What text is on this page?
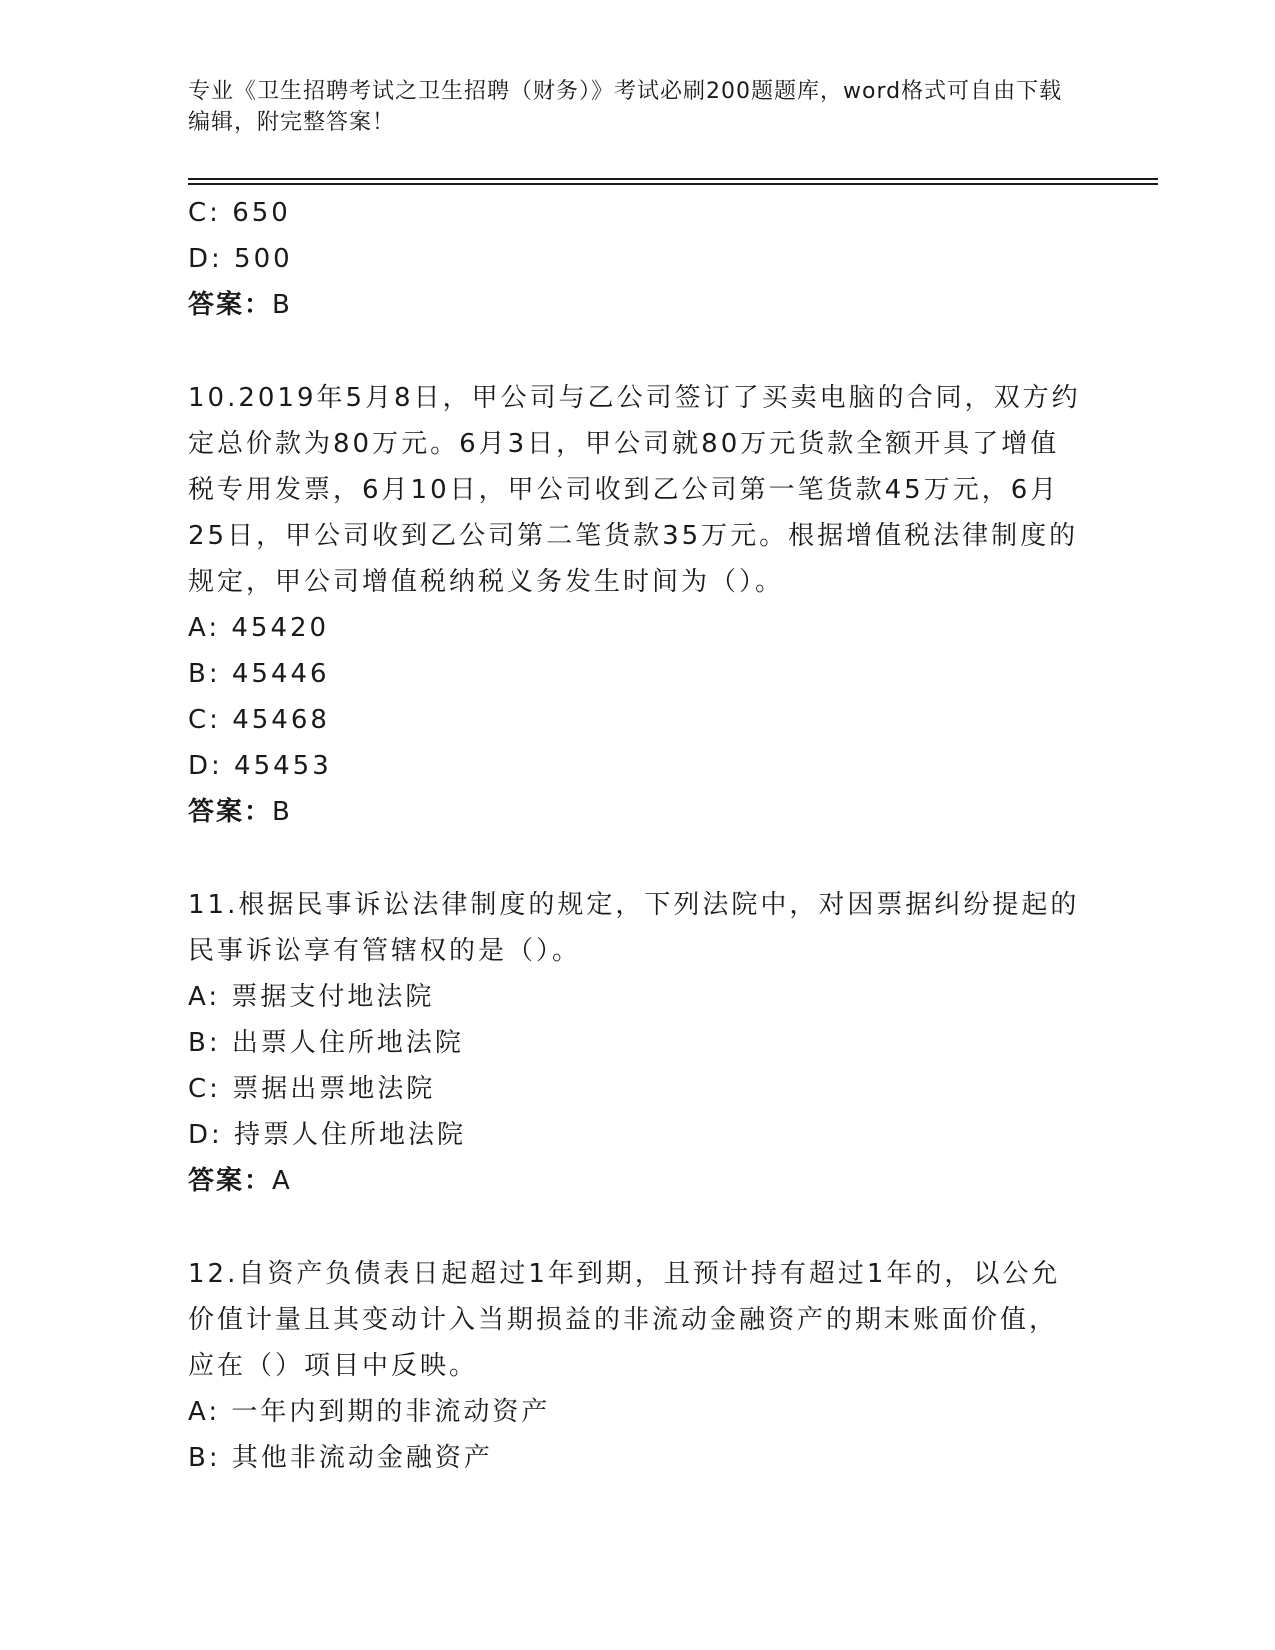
专业《卫生招聘考试之卫生招聘（财务）》考试必刷200题题库，word格式可自由下载编辑，附完整答案！
C: 650
D: 500
答案：B
10.2019年5月8日，甲公司与乙公司签订了买卖电脑的合同，双方约
定总价款为80万元。6月3日，甲公司就80万元货款全额开具了增值
税专用发票，6月10日，甲公司收到乙公司第一笔货款45万元，6月
25日，甲公司收到乙公司第二笔货款35万元。根据增值税法律制度的
规定，甲公司增值税纳税义务发生时间为（）。
A: 45420
B: 45446
C: 45468
D: 45453
答案：B
11.根据民事诉讼法律制度的规定，下列法院中，对因票据纠纷提起的
民事诉讼享有管辖权的是（）。
A: 票据支付地法院
B: 出票人住所地法院
C: 票据出票地法院
D: 持票人住所地法院
答案：A
12.自资产负债表日起超过1年到期，且预计持有超过1年的，以公允
价值计量且其变动计入当期损益的非流动金融资产的期末账面价值，
应在（）项目中反映。
A: 一年内到期的非流动资产
B: 其他非流动金融资产
